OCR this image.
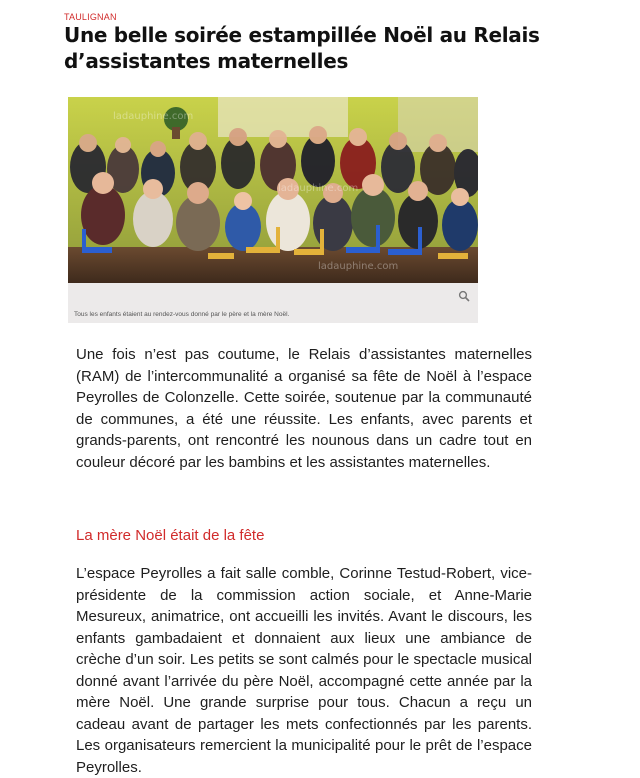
TAULIGNAN
Une belle soirée estampillée Noël au Relais d’assistantes maternelles
ladauphine.com
ladauphine.com
ladauphine.com
Tous les enfants étaient au rendez-vous donné par le père et la mère Noël.

Une fois n’est pas coutume, le Relais d’assistantes maternelles (RAM) de l’intercommunalité a organisé sa fête de Noël à l’espace Peyrolles de Colonzelle. Cette soirée, soutenue par la communauté de communes, a été une réussite. Les enfants, avec parents et grands-parents, ont rencontré les nounous dans un cadre tout en couleur décoré par les bambins et les assistantes maternelles.

La mère Noël était de la fête

L’espace Peyrolles a fait salle comble, Corinne Testud-Robert, vice-présidente de la commission action sociale, et Anne-Marie Mesureux, animatrice, ont accueilli les invités. Avant le discours, les enfants gambadaient et donnaient aux lieux une ambiance de crèche d’un soir. Les petits se sont calmés pour le spectacle musical donné avant l’arrivée du père Noël, accompagné cette année par la mère Noël. Une grande surprise pour tous. Chacun a reçu un cadeau avant de partager les mets confectionnés par les parents. Les organisateurs remercient la municipalité pour le prêt de l’espace Peyrolles.
